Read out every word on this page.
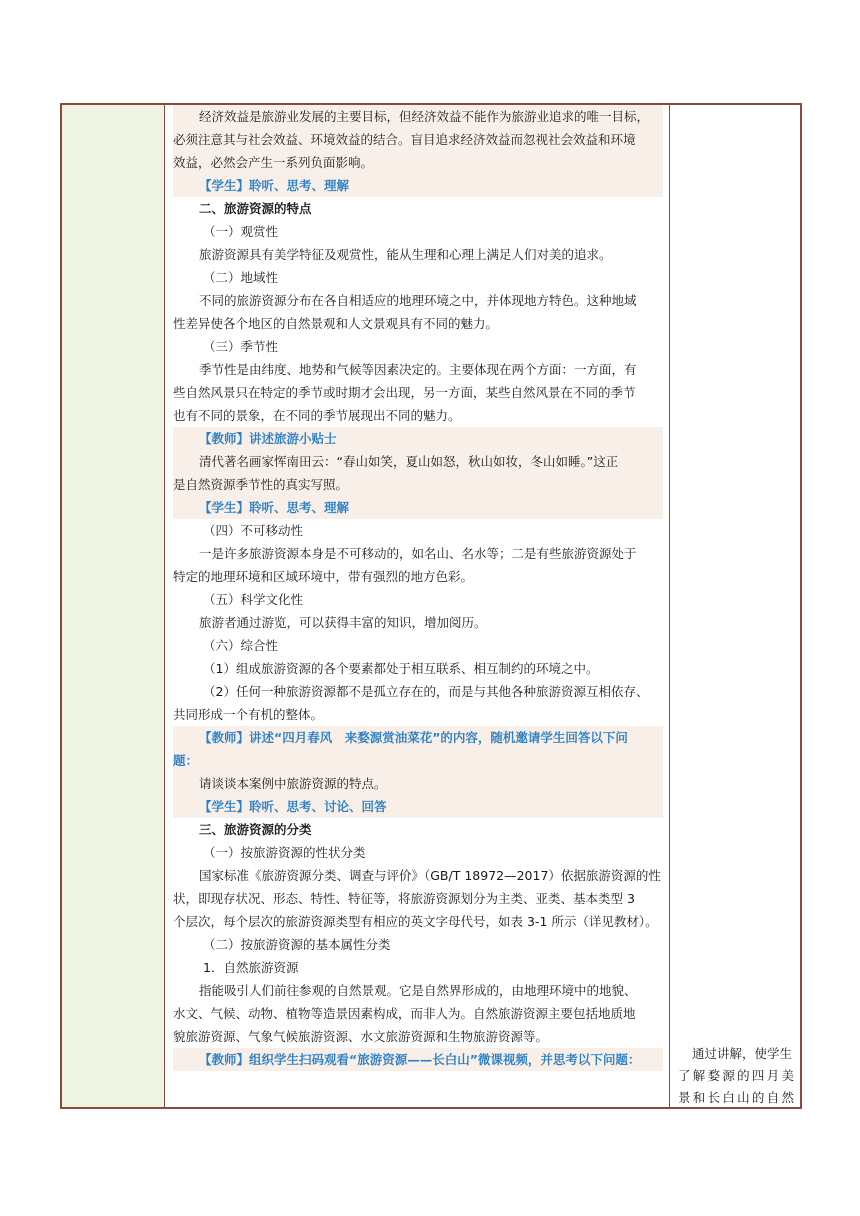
经济效益是旅游业发展的主要目标，但经济效益不能作为旅游业追求的唯一目标，
必须注意其与社会效益、环境效益的结合。盲目追求经济效益而忽视社会效益和环境
效益，必然会产生一系列负面影响。
【学生】聆听、思考、理解
二、旅游资源的特点
（一）观赏性
旅游资源具有美学特征及观赏性，能从生理和心理上满足人们对美的追求。
（二）地域性
不同的旅游资源分布在各自相适应的地理环境之中，并体现地方特色。这种地域
性差异使各个地区的自然景观和人文景观具有不同的魅力。
（三）季节性
季节性是由纬度、地势和气候等因素决定的。主要体现在两个方面：一方面，有
些自然风景只在特定的季节或时期才会出现，另一方面，某些自然风景在不同的季节
也有不同的景象，在不同的季节展现出不同的魅力。
【教师】讲述旅游小贴士
清代著名画家恽南田云：“春山如笑，夏山如怒，秋山如妆，冬山如睡。”这正
是自然资源季节性的真实写照。
【学生】聆听、思考、理解
（四）不可移动性
一是许多旅游资源本身是不可移动的，如名山、名水等；二是有些旅游资源处于
特定的地理环境和区域环境中，带有强烈的地方色彩。
（五）科学文化性
旅游者通过游览，可以获得丰富的知识，增加阅历。
（六）综合性
（1）组成旅游资源的各个要素都处于相互联系、相互制约的环境之中。
（2）任何一种旅游资源都不是孤立存在的，而是与其他各种旅游资源互相依存、
共同形成一个有机的整体。
【教师】讲述“四月春风　来婺源赏油菜花”的内容，随机邀请学生回答以下问
题：
请谈谈本案例中旅游资源的特点。
【学生】聆听、思考、讨论、回答
三、旅游资源的分类
（一）按旅游资源的性状分类
国家标准《旅游资源分类、调查与评价》（GB/T 18972—2017）依据旅游资源的性
状，即现存状况、形态、特性、特征等，将旅游资源划分为主类、亚类、基本类型 3
个层次，每个层次的旅游资源类型有相应的英文字母代号，如表 3-1 所示（详见教材）。
（二）按旅游资源的基本属性分类
1．自然旅游资源
指能吸引人们前往参观的自然景观。它是自然界形成的，由地理环境中的地貌、
水文、气候、动物、植物等造景因素构成，而非人为。自然旅游资源主要包括地质地
貌旅游资源、气象气候旅游资源、水文旅游资源和生物旅游资源等。
【教师】组织学生扫码观看“旅游资源——长白山”微课视频，并思考以下问题：	通过讲解，使学生
了解婺源的四月美
景和长白山的自然
